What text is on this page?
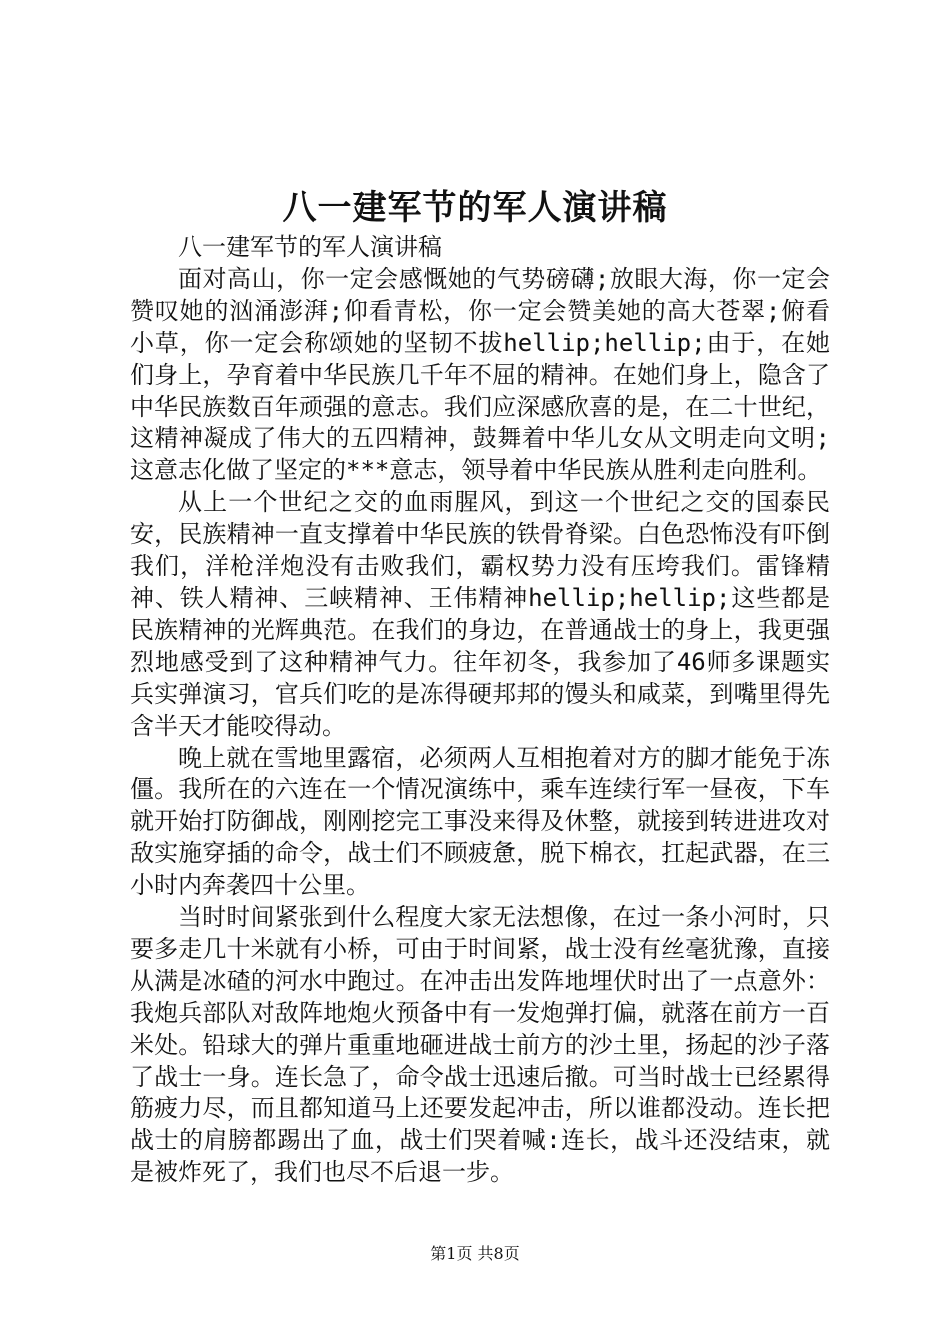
八一建军节的军人演讲稿

八一建军节的军人演讲稿

面对高山，你一定会感慨她的气势磅礴;放眼大海，你一定会赞叹她的汹涌澎湃;仰看青松，你一定会赞美她的高大苍翠;俯看小草，你一定会称颂她的坚韧不拔hellip;hellip;由于，在她们身上，孕育着中华民族几千年不屈的精神。在她们身上，隐含了中华民族数百年顽强的意志。我们应深感欣喜的是，在二十世纪，这精神凝成了伟大的五四精神，鼓舞着中华儿女从文明走向文明;这意志化做了坚定的***意志，领导着中华民族从胜利走向胜利。

从上一个世纪之交的血雨腥风，到这一个世纪之交的国泰民安，民族精神一直支撑着中华民族的铁骨脊梁。白色恐怖没有吓倒我们，洋枪洋炮没有击败我们，霸权势力没有压垮我们。雷锋精神、铁人精神、三峡精神、王伟精神hellip;hellip;这些都是民族精神的光辉典范。在我们的身边，在普通战士的身上，我更强烈地感受到了这种精神气力。往年初冬，我参加了46师多课题实兵实弹演习，官兵们吃的是冻得硬邦邦的馒头和咸菜，到嘴里得先含半天才能咬得动。

晚上就在雪地里露宿，必须两人互相抱着对方的脚才能免于冻僵。我所在的六连在一个情况演练中，乘车连续行军一昼夜，下车就开始打防御战，刚刚挖完工事没来得及休整，就接到转进进攻对敌实施穿插的命令，战士们不顾疲惫，脱下棉衣，扛起武器，在三小时内奔袭四十公里。

当时时间紧张到什么程度大家无法想像，在过一条小河时，只要多走几十米就有小桥，可由于时间紧，战士没有丝毫犹豫，直接从满是冰碴的河水中跑过。在冲击出发阵地埋伏时出了一点意外：我炮兵部队对敌阵地炮火预备中有一发炮弹打偏，就落在前方一百米处。铅球大的弹片重重地砸进战士前方的沙土里，扬起的沙子落了战士一身。连长急了，命令战士迅速后撤。可当时战士已经累得筋疲力尽，而且都知道马上还要发起冲击，所以谁都没动。连长把战士的肩膀都踢出了血，战士们哭着喊:连长，战斗还没结束，就是被炸死了，我们也尽不后退一步。

第1页 共8页
